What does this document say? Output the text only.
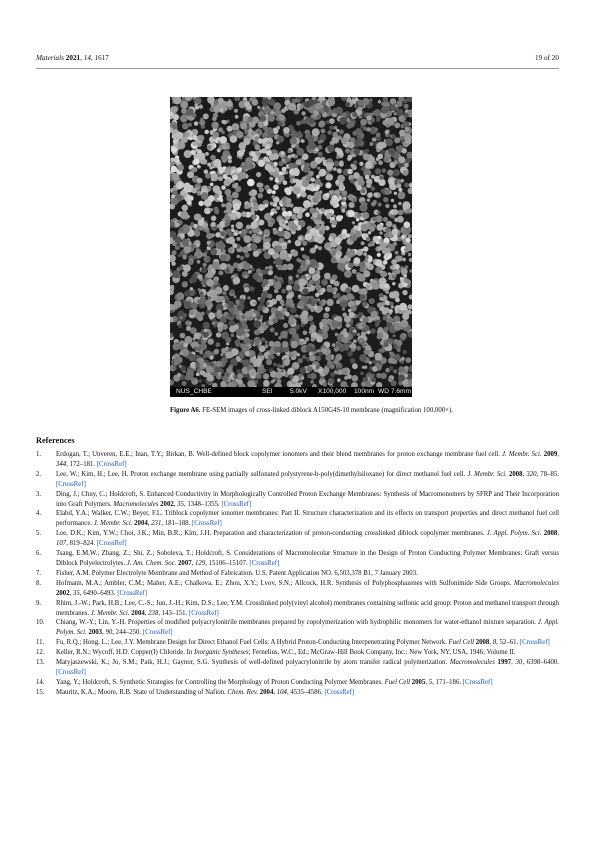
Materials 2021, 14, 1617	19 of 20
NUS_CHBE	SEI	5.0kV X100,000 100nm WD 7.6mm
Figure A6. FE-SEM images of cross-linked diblock A150G4S-10 membrane (magnification 100,000×).
References
1. Erdogan, T.; Unveren, E.E.; Inan, T.Y.; Birkan, B. Well-defined block copolymer ionomers and their blend membranes for proton exchange membrane fuel cell. J. Membr. Sci. 2009, 344, 172–181. [CrossRef]
2. Lee, W.; Kim, H.; Lee, H. Proton exchange membrane using partially sulfonated polystyrene-b-poly(dimethylsiloxane) for direct methanol fuel cell. J. Membr. Sci. 2008, 320, 78–85. [CrossRef]
3. Ding, J.; Chuy, C.; Holdcroft, S. Enhanced Conductivity in Morphologically Controlled Proton Exchange Membranes: Synthesis of Macromonomers by SFRP and Their Incorporation into Graft Polymers. Macromolecules 2002, 35, 1348–1355. [CrossRef]
4. Elabd, Y.A.; Walker, C.W.; Beyer, F.L. Triblock copolymer ionomer membranes: Part II. Structure characterization and its effects on transport properties and direct methanol fuel cell performance. J. Membr. Sci. 2004, 231, 181–188. [CrossRef]
5. Lee, D.K.; Kim, Y.W.; Choi, J.K.; Min, B.R.; Kim, J.H. Preparation and characterization of proton-conducting crosslinked diblock copolymer membranes. J. Appl. Polym. Sci. 2008, 107, 819–824. [CrossRef]
6. Tsang, E.M.W.; Zhang, Z.; Shi, Z.; Soboleva, T.; Holdcroft, S. Considerations of Macromolecular Structure in the Design of Proton Conducting Polymer Membranes: Graft versus Diblock Polyelectrolytes. J. Am. Chem. Soc. 2007, 129, 15106–15107. [CrossRef]
7. Fisher, A.M. Polymer Electrolyte Membrane and Method of Fabrication. U.S. Patent Application NO. 6,503,378 B1, 7 January 2003.
8. Hofmann, M.A.; Ambler, C.M.; Maher, A.E.; Chalkova, E.; Zhou, X.Y.; Lvov, S.N.; Allcock, H.R. Synthesis of Polyphosphazenes with Sulfonimide Side Groups. Macromolecules 2002, 35, 6490–6493. [CrossRef]
9. Rhim, J.-W.; Park, H.B.; Lee, C.-S.; Jun, J.-H.; Kim, D.S.; Lee, Y.M. Crosslinked poly(vinyl alcohol) membranes containing sulfonic acid group: Proton and methanol transport through membranes. J. Membr. Sci. 2004, 238, 143–151. [CrossRef]
10. Chiang, W.-Y.; Lin, Y.-H. Properties of modified polyacrylonitrile membranes prepared by copolymerization with hydrophilic monomers for water-ethanol mixture separation. J. Appl. Polym. Sci. 2003, 90, 244–250. [CrossRef]
11. Fu, R.Q.; Hong, L.; Lee, J.Y. Membrane Design for Direct Ethanol Fuel Cells: A Hybrid Proton-Conducting Interpenetrating Polymer Network. Fuel Cell 2008, 8, 52–61. [CrossRef]
12. Keller, R.N.; Wycoff, H.D. Copper(I) Chloride. In Inorganic Syntheses; Fernelius, W.C., Ed.; McGraw-Hill Book Company, Inc.: New York, NY, USA, 1946; Volume II.
13. Matyjaszewski, K.; Jo, S.M.; Paik, H.J.; Gaynor, S.G. Synthesis of well-defined polyacrylonitrile by atom transfer radical polymerization. Macromolecules 1997, 30, 6398–6400. [CrossRef]
14. Yang, Y.; Holdcroft, S. Synthetic Strategies for Controlling the Morphology of Proton Conducting Polymer Membranes. Fuel Cell 2005, 5, 171–186. [CrossRef]
15. Mauritz, K.A.; Moore, R.B. State of Understanding of Nafion. Chem. Rev. 2004, 104, 4535–4586. [CrossRef]
